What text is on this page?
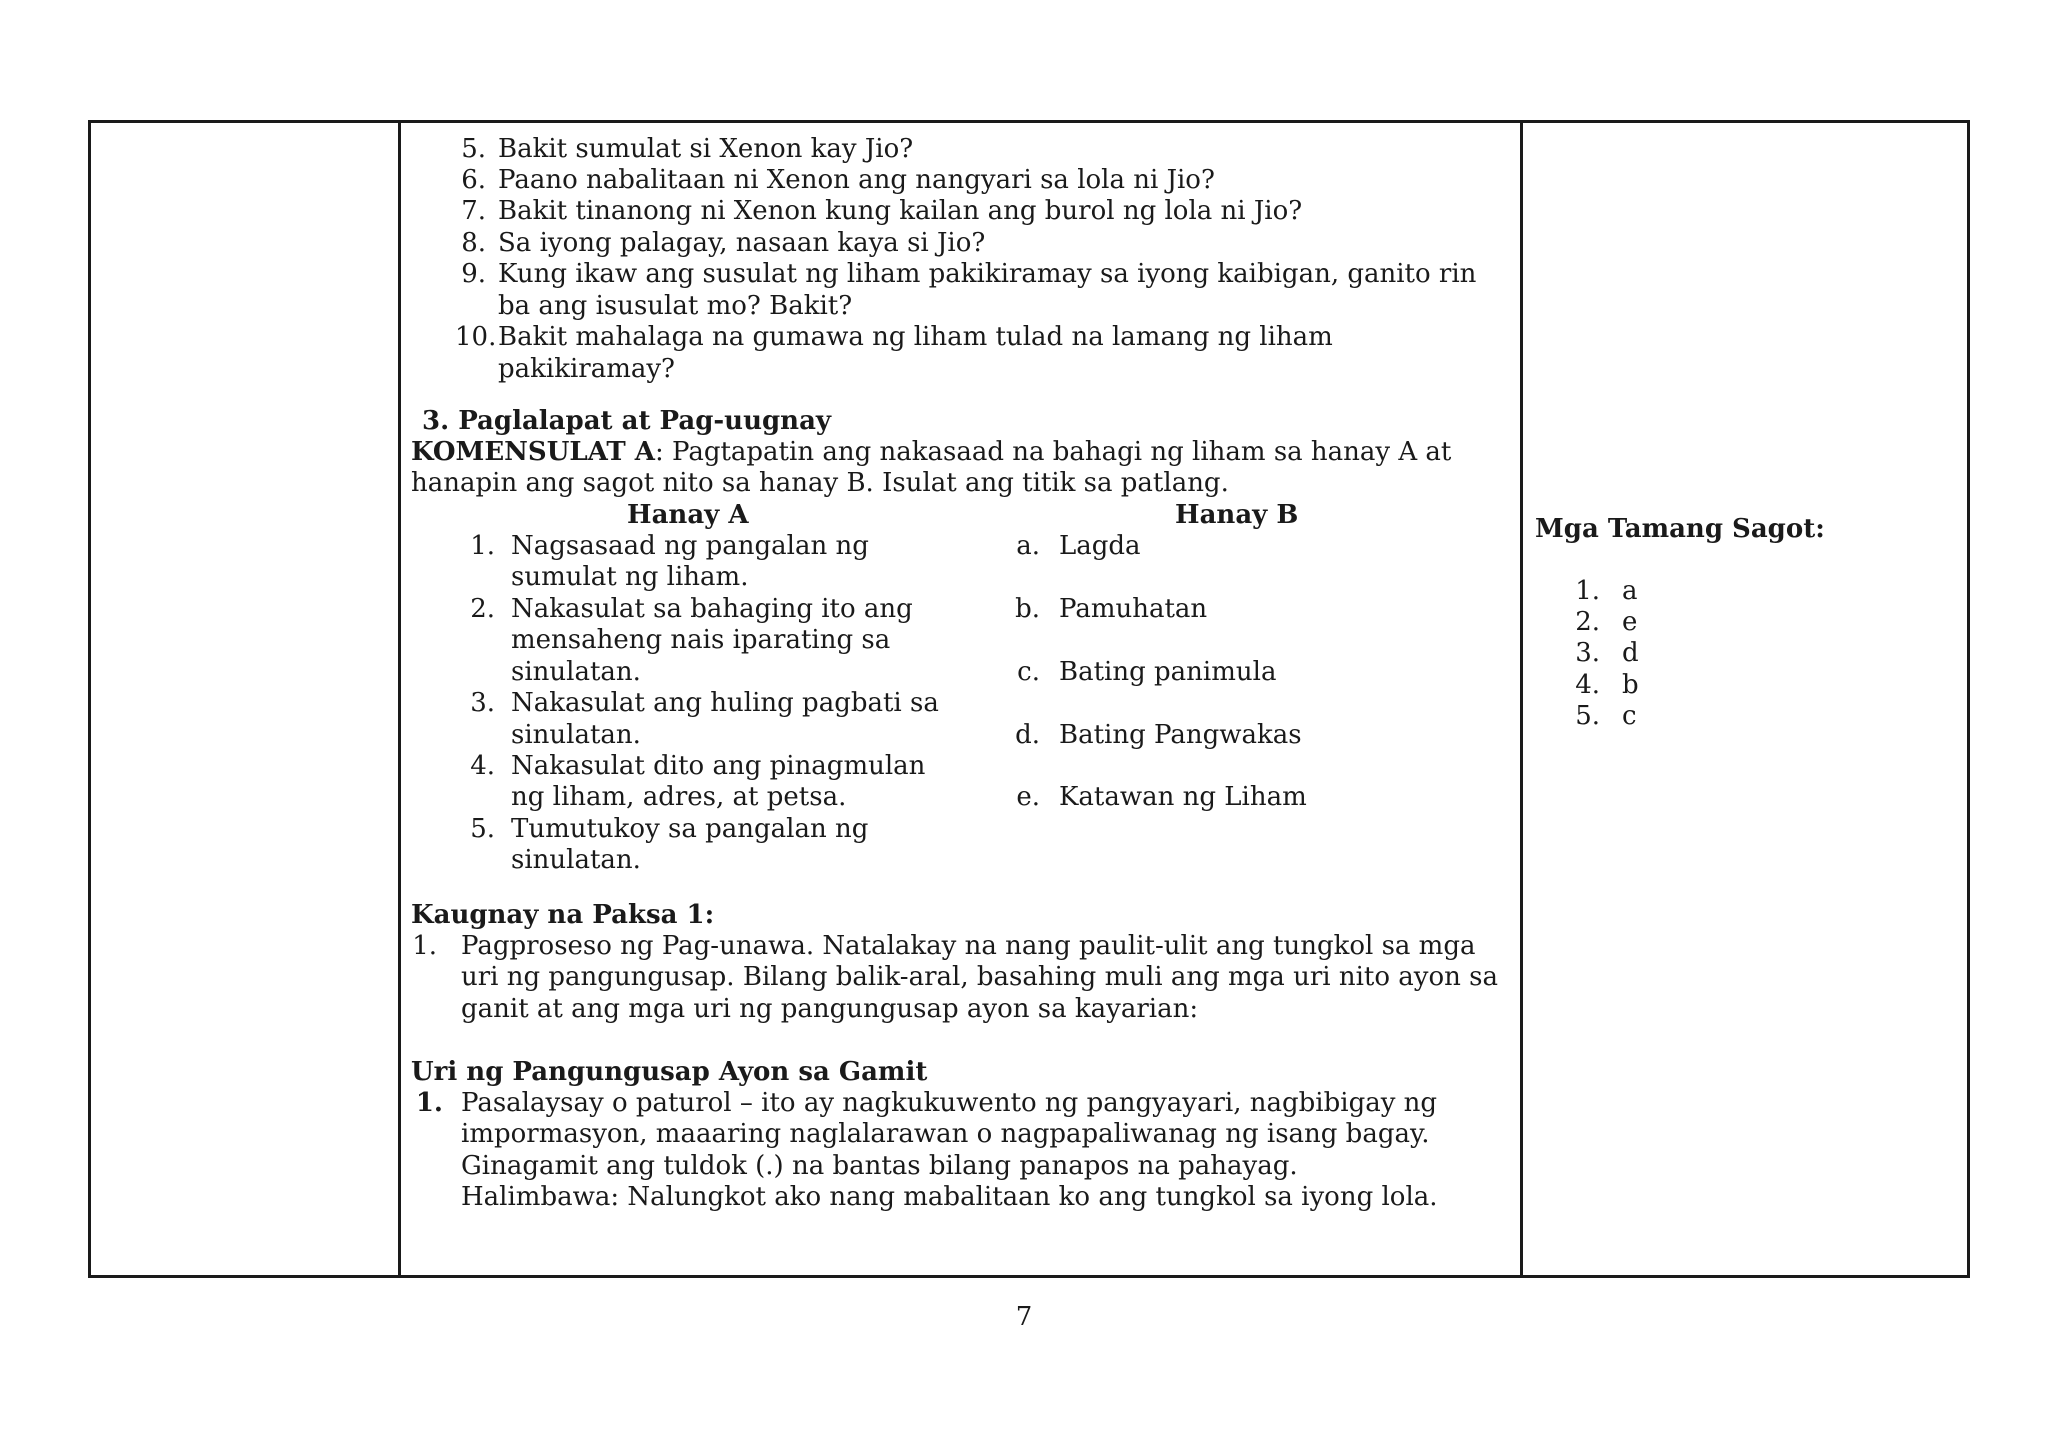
5. Bakit sumulat si Xenon kay Jio?
6. Paano nabalitaan ni Xenon ang nangyari sa lola ni Jio?
7. Bakit tinanong ni Xenon kung kailan ang burol ng lola ni Jio?
8. Sa iyong palagay, nasaan kaya si Jio?
9. Kung ikaw ang susulat ng liham pakikiramay sa iyong kaibigan, ganito rin
ba ang isusulat mo? Bakit?
10. Bakit mahalaga na gumawa ng liham tulad na lamang ng liham
pakikiramay?
3. Paglalapat at Pag-uugnay
KOMENSULAT A: Pagtapatin ang nakasaad na bahagi ng liham sa hanay A at
hanapin ang sagot nito sa hanay B. Isulat ang titik sa patlang.
Hanay A	Hanay B
1. Nagsasaad ng pangalan ng
sumulat ng liham.
2. Nakasulat sa bahaging ito ang
mensaheng nais iparating sa
sinulatan.
3. Nakasulat ang huling pagbati sa
sinulatan.
4. Nakasulat dito ang pinagmulan
ng liham, adres, at petsa.
5. Tumutukoy sa pangalan ng
sinulatan.
a. Lagda
b. Pamuhatan
c. Bating panimula
d. Bating Pangwakas
e. Katawan ng Liham
Kaugnay na Paksa 1:
1. Pagproseso ng Pag-unawa. Natalakay na nang paulit-ulit ang tungkol sa mga
uri ng pangungusap. Bilang balik-aral, basahing muli ang mga uri nito ayon sa
ganit at ang mga uri ng pangungusap ayon sa kayarian:
Uri ng Pangungusap Ayon sa Gamit
1. Pasalaysay o paturol – ito ay nagkukuwento ng pangyayari, nagbibigay ng
impormasyon, maaaring naglalarawan o nagpapaliwanag ng isang bagay.
Ginagamit ang tuldok (.) na bantas bilang panapos na pahayag.
Halimbawa: Nalungkot ako nang mabalitaan ko ang tungkol sa iyong lola.
Mga Tamang Sagot:
1. a
2. e
3. d
4. b
5. c
7
